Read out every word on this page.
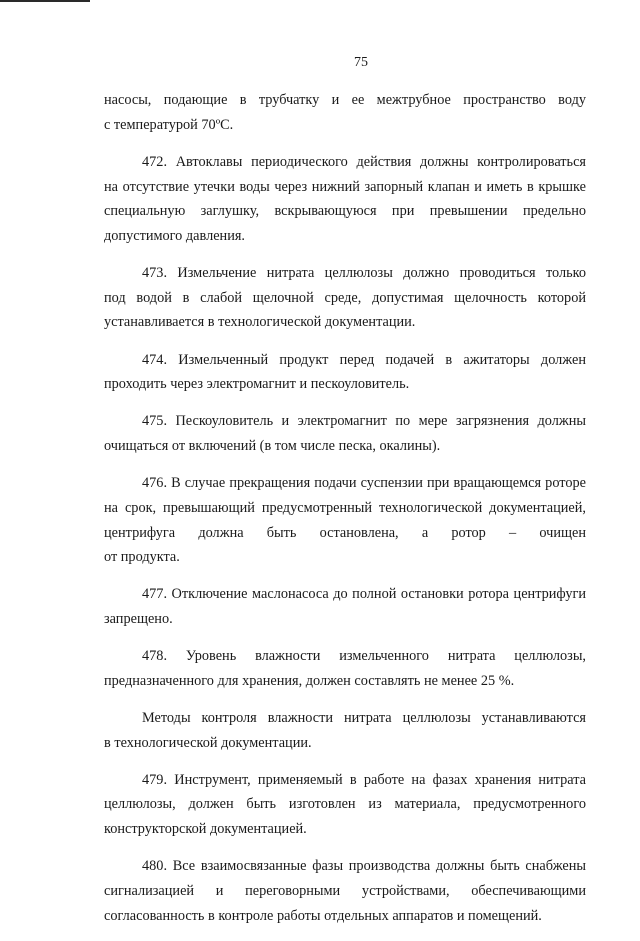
75
насосы, подающие в трубчатку и ее межтрубное пространство воду
с температурой 70ºС.
472. Автоклавы периодического действия должны контролироваться
на отсутствие утечки воды через нижний запорный клапан и иметь в крышке
специальную заглушку, вскрывающуюся при превышении предельно
допустимого давления.
473. Измельчение нитрата целлюлозы должно проводиться только
под водой в слабой щелочной среде, допустимая щелочность которой
устанавливается в технологической документации.
474. Измельченный продукт перед подачей в ажитаторы должен
проходить через электромагнит и пескоуловитель.
475. Пескоуловитель и электромагнит по мере загрязнения должны
очищаться от включений (в том числе песка, окалины).
476. В случае прекращения подачи суспензии при вращающемся роторе
на срок, превышающий предусмотренный технологической документацией,
центрифуга должна быть остановлена, а ротор – очищен
от продукта.
477. Отключение маслонасоса до полной остановки ротора центрифуги
запрещено.
478. Уровень влажности измельченного нитрата целлюлозы,
предназначенного для хранения, должен составлять не менее 25 %.
Методы контроля влажности нитрата целлюлозы устанавливаются
в технологической документации.
479. Инструмент, применяемый в работе на фазах хранения нитрата
целлюлозы, должен быть изготовлен из материала, предусмотренного
конструкторской документацией.
480. Все взаимосвязанные фазы производства должны быть снабжены
сигнализацией и переговорными устройствами, обеспечивающими
согласованность в контроле работы отдельных аппаратов и помещений.
